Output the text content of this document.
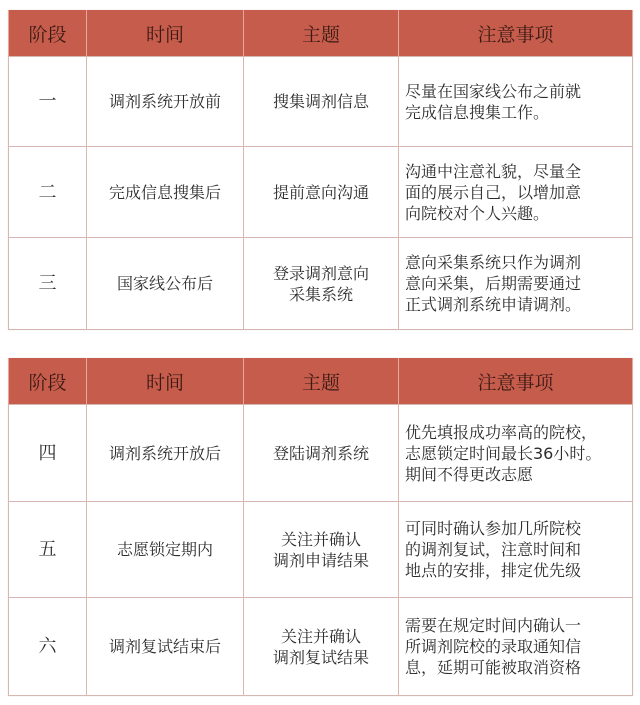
阶段	时间	主题	注意事项
一	调剂系统开放前	搜集调剂信息	尽量在国家线公布之前就
完成信息搜集工作。

二	完成信息搜集后	提前意向沟通	沟通中注意礼貌，尽量全
面的展示自己，以增加意
向院校对个人兴趣。

三	国家线公布后	登录调剂意向
采集系统	意向采集系统只作为调剂
意向采集，后期需要通过
正式调剂系统申请调剂。
阶段	时间	主题	注意事项
四	调剂系统开放后	登陆调剂系统	优先填报成功率高的院校，
志愿锁定时间最长36小时。
期间不得更改志愿

五	志愿锁定期内	关注并确认
调剂申请结果	可同时确认参加几所院校
的调剂复试，注意时间和
地点的安排，排定优先级

六	调剂复试结束后	关注并确认
调剂复试结果	需要在规定时间内确认一
所调剂院校的录取通知信
息，延期可能被取消资格
